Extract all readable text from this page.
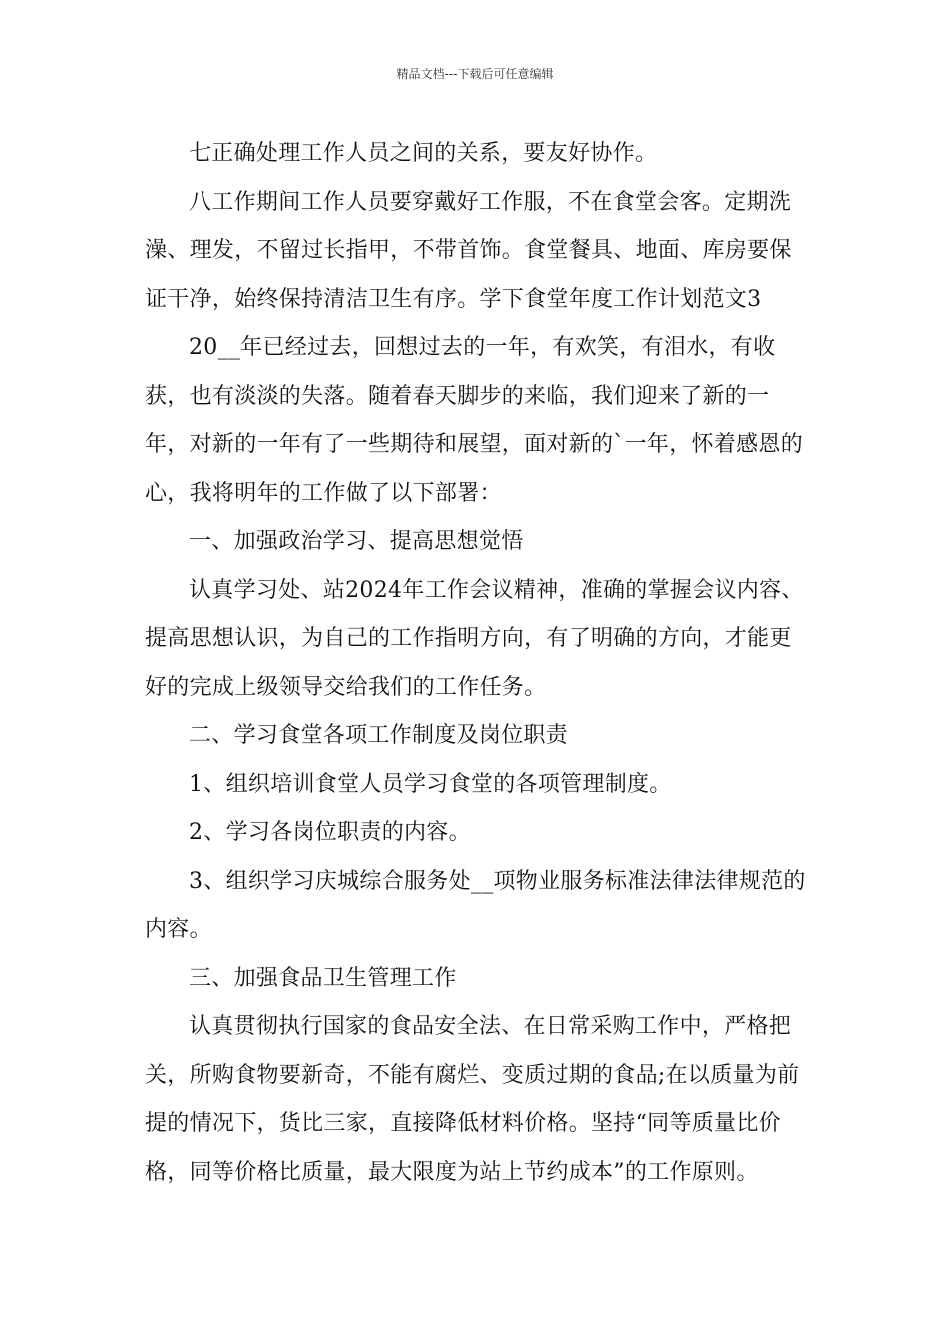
精品文档---下载后可任意编辑

七正确处理工作人员之间的关系，要友好协作。

八工作期间工作人员要穿戴好工作服，不在食堂会客。定期洗澡、理发，不留过长指甲，不带首饰。食堂餐具、地面、库房要保证干净，始终保持清洁卫生有序。学下食堂年度工作计划范文3

20__年已经过去，回想过去的一年，有欢笑，有泪水，有收获，也有淡淡的失落。随着春天脚步的来临，我们迎来了新的一年，对新的一年有了一些期待和展望，面对新的`一年，怀着感恩的心，我将明年的工作做了以下部署：

一、加强政治学习、提高思想觉悟

认真学习处、站2024年工作会议精神，准确的掌握会议内容、提高思想认识，为自己的工作指明方向，有了明确的方向，才能更好的完成上级领导交给我们的工作任务。

二、学习食堂各项工作制度及岗位职责

1、组织培训食堂人员学习食堂的各项管理制度。

2、学习各岗位职责的内容。

3、组织学习庆城综合服务处__项物业服务标准法律法律规范的内容。

三、加强食品卫生管理工作

认真贯彻执行国家的食品安全法、在日常采购工作中，严格把关，所购食物要新奇，不能有腐烂、变质过期的食品;在以质量为前提的情况下，货比三家，直接降低材料价格。坚持“同等质量比价格，同等价格比质量，最大限度为站上节约成本”的工作原则。
